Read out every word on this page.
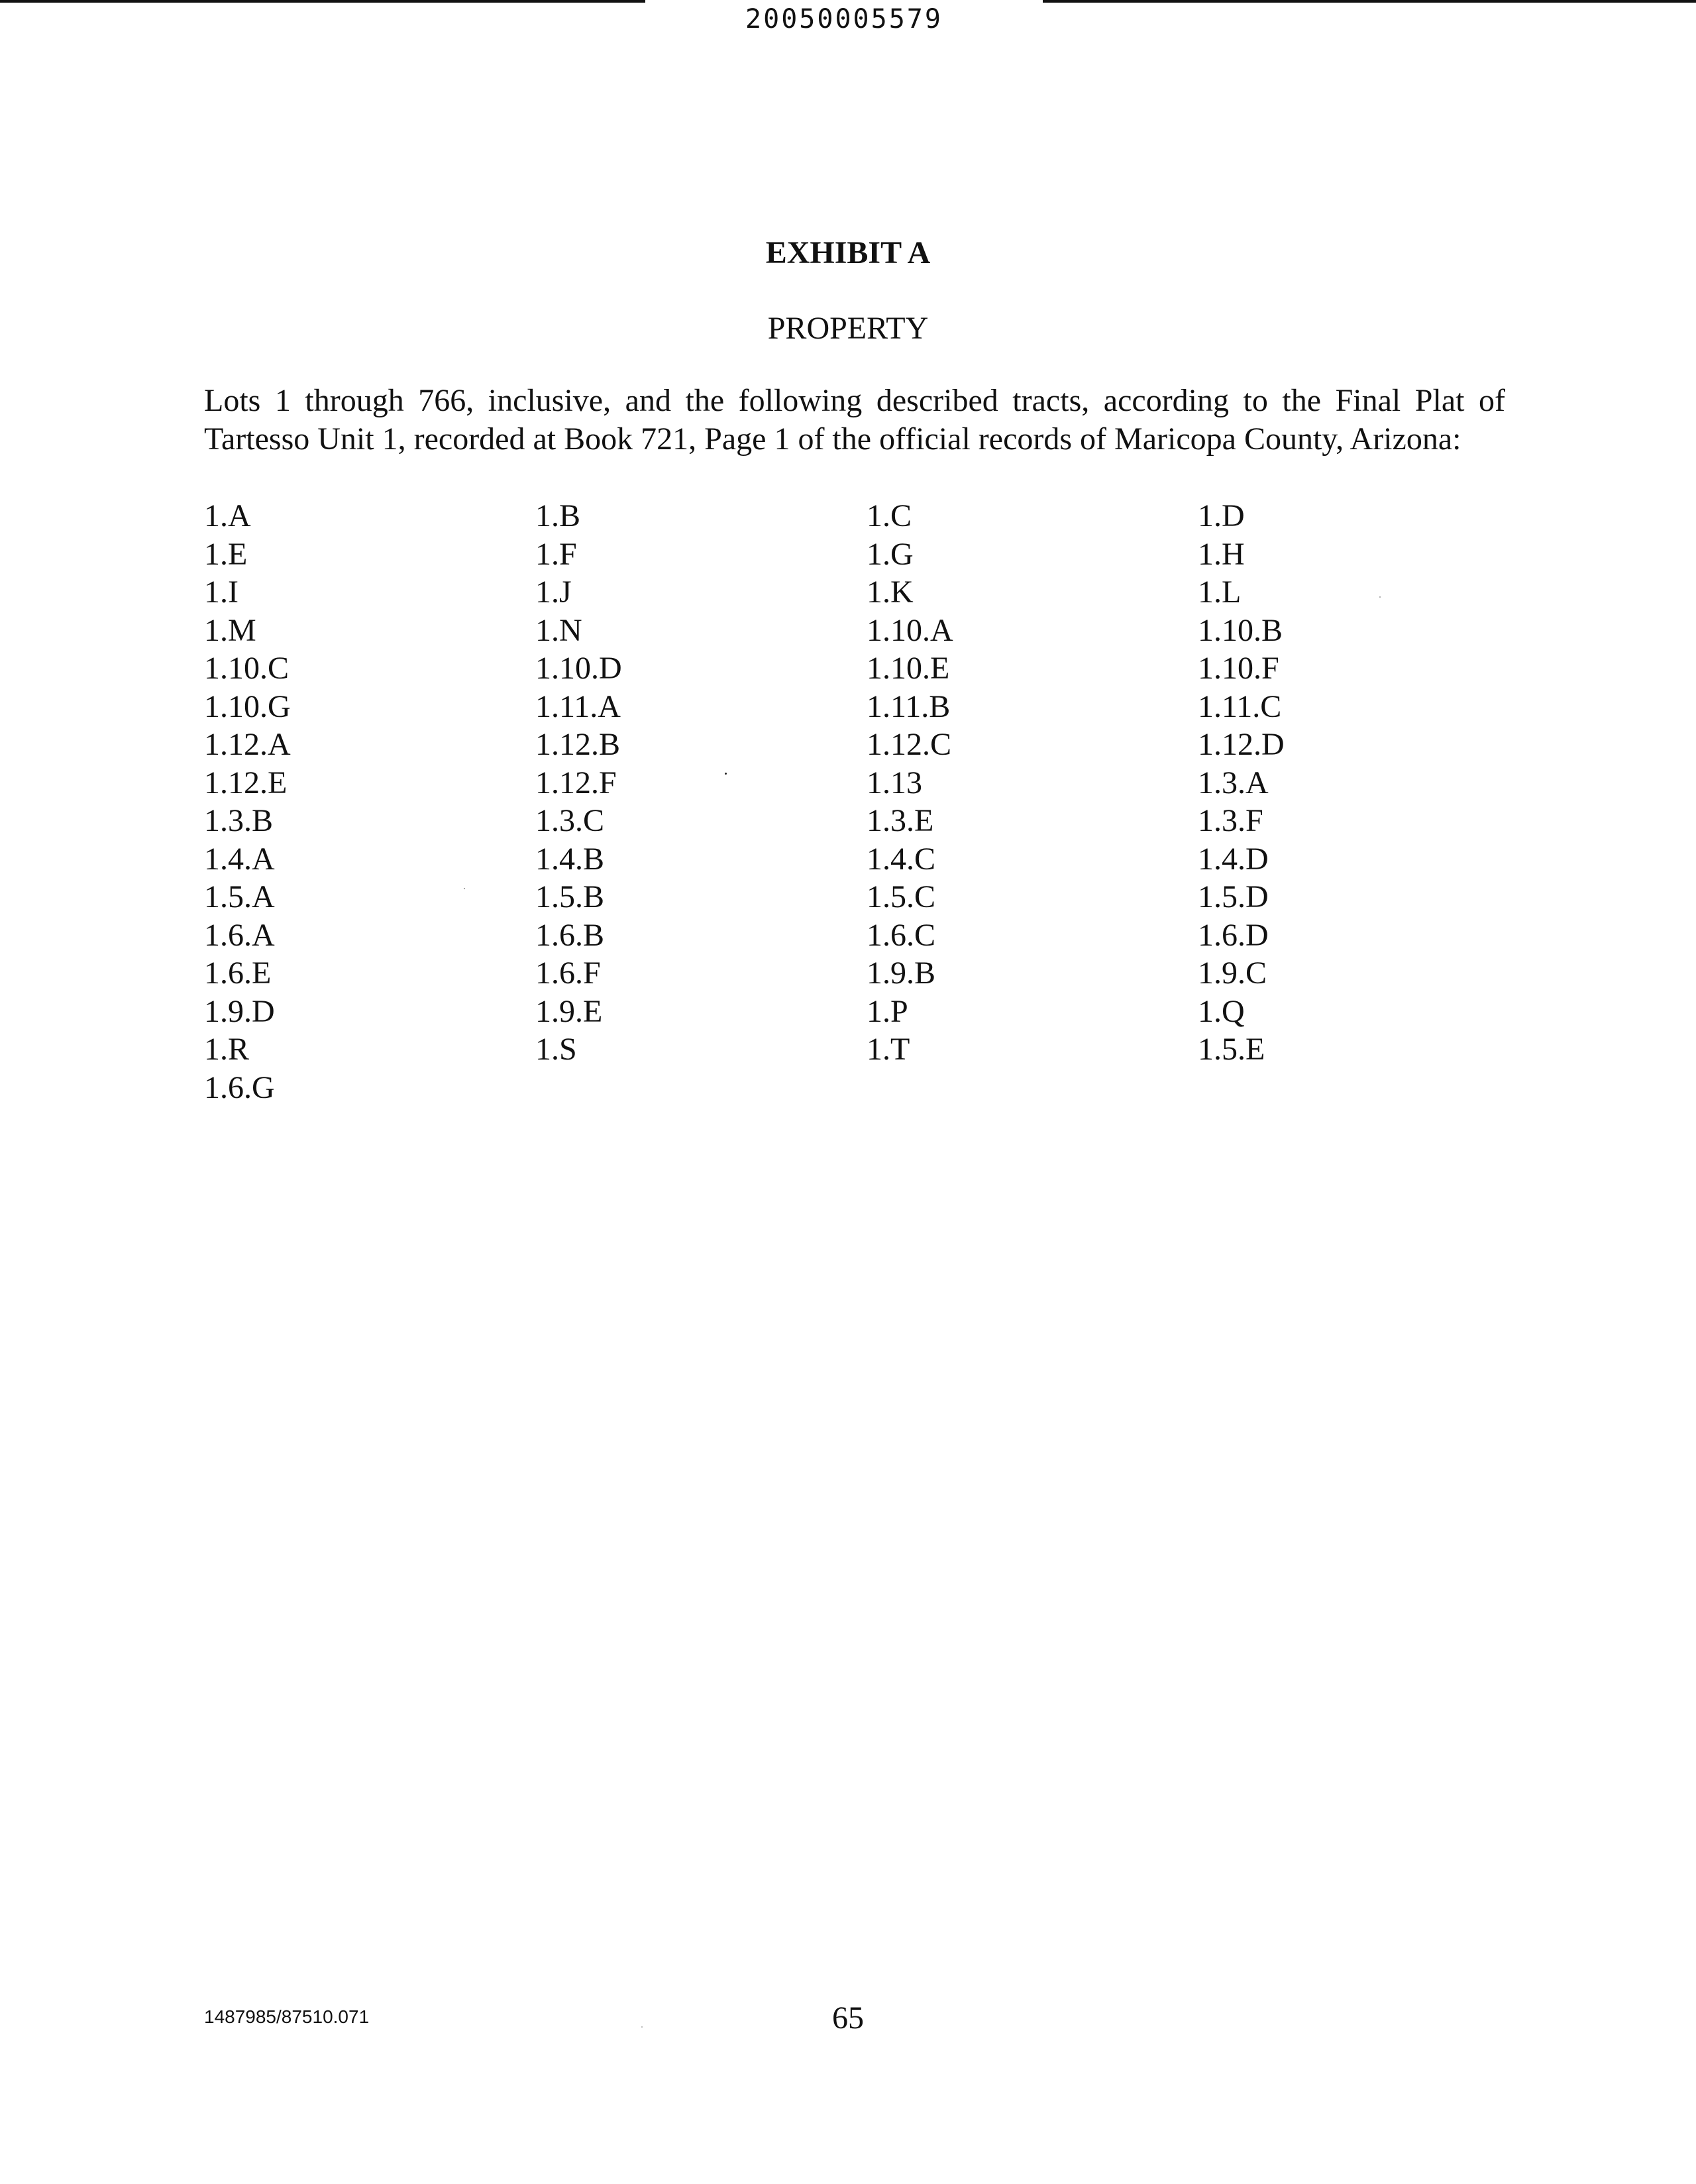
20050005579
EXHIBIT A
PROPERTY

Lots 1 through 766, inclusive, and the following described tracts, according to the Final Plat of Tartesso Unit 1, recorded at Book 721, Page 1 of the official records of Maricopa County, Arizona:

1.A	1.B	1.C	1.D
1.E	1.F	1.G	1.H
1.I	1.J	1.K	1.L
1.M	1.N	1.10.A	1.10.B
1.10.C	1.10.D	1.10.E	1.10.F
1.10.G	1.11.A	1.11.B	1.11.C
1.12.A	1.12.B	1.12.C	1.12.D
1.12.E	1.12.F	1.13	1.3.A
1.3.B	1.3.C	1.3.E	1.3.F
1.4.A	1.4.B	1.4.C	1.4.D
1.5.A	1.5.B	1.5.C	1.5.D
1.6.A	1.6.B	1.6.C	1.6.D
1.6.E	1.6.F	1.9.B	1.9.C
1.9.D	1.9.E	1.P	1.Q
1.R	1.S	1.T	1.5.E
1.6.G
1487985/87510.071	65
